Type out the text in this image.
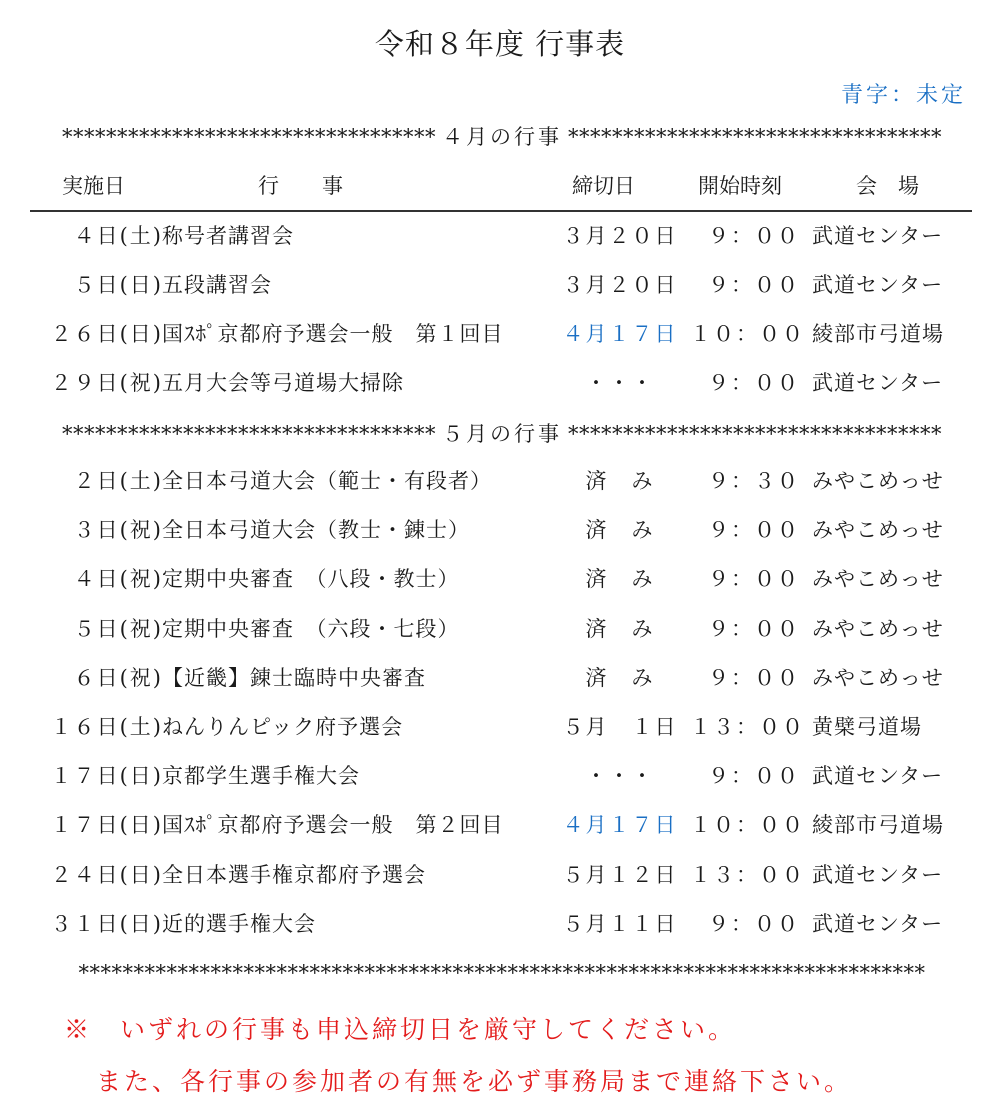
令和８年度 行事表
青字：未定
********************************** ４月の行事 **********************************
実施日	行 事	締切日	開始時刻	会 場
４日(土) 称号者講習会	３月２０日	９：００ 武道センター
５日(日) 五段講習会	３月２０日	９：００ 武道センター
２６日(日) 国ｽﾎﾟ京都府予選会一般　第１回目	４月１７日 １０：００ 綾部市弓道場
２９日(祝) 五月大会等弓道場大掃除	・・・	９：００ 武道センター
********************************** ５月の行事 **********************************
２日(土) 全日本弓道大会（範士・有段者）	済　み	９：３０ みやこめっせ
３日(祝) 全日本弓道大会（教士・錬士）	済　み	９：００ みやこめっせ
４日(祝) 定期中央審査　（八段・教士）	済　み	９：００ みやこめっせ
５日(祝) 定期中央審査　（六段・七段）	済　み	９：００ みやこめっせ
６日(祝) 【近畿】錬士臨時中央審査	済　み	９：００ みやこめっせ
１６日(土) ねんりんピック府予選会	５月　１日 １３：００ 黄檗弓道場
１７日(日) 京都学生選手権大会	・・・	９：００ 武道センター
１７日(日) 国ｽﾎﾟ京都府予選会一般　第２回目	４月１７日 １０：００ 綾部市弓道場
２４日(日) 全日本選手権京都府予選会	５月１２日 １３：００ 武道センター
３１日(日) 近的選手権大会	５月１１日	９：００ 武道センター
*****************************************************************************
※　いずれの行事も申込締切日を厳守してください。
また、各行事の参加者の有無を必ず事務局まで連絡下さい。
